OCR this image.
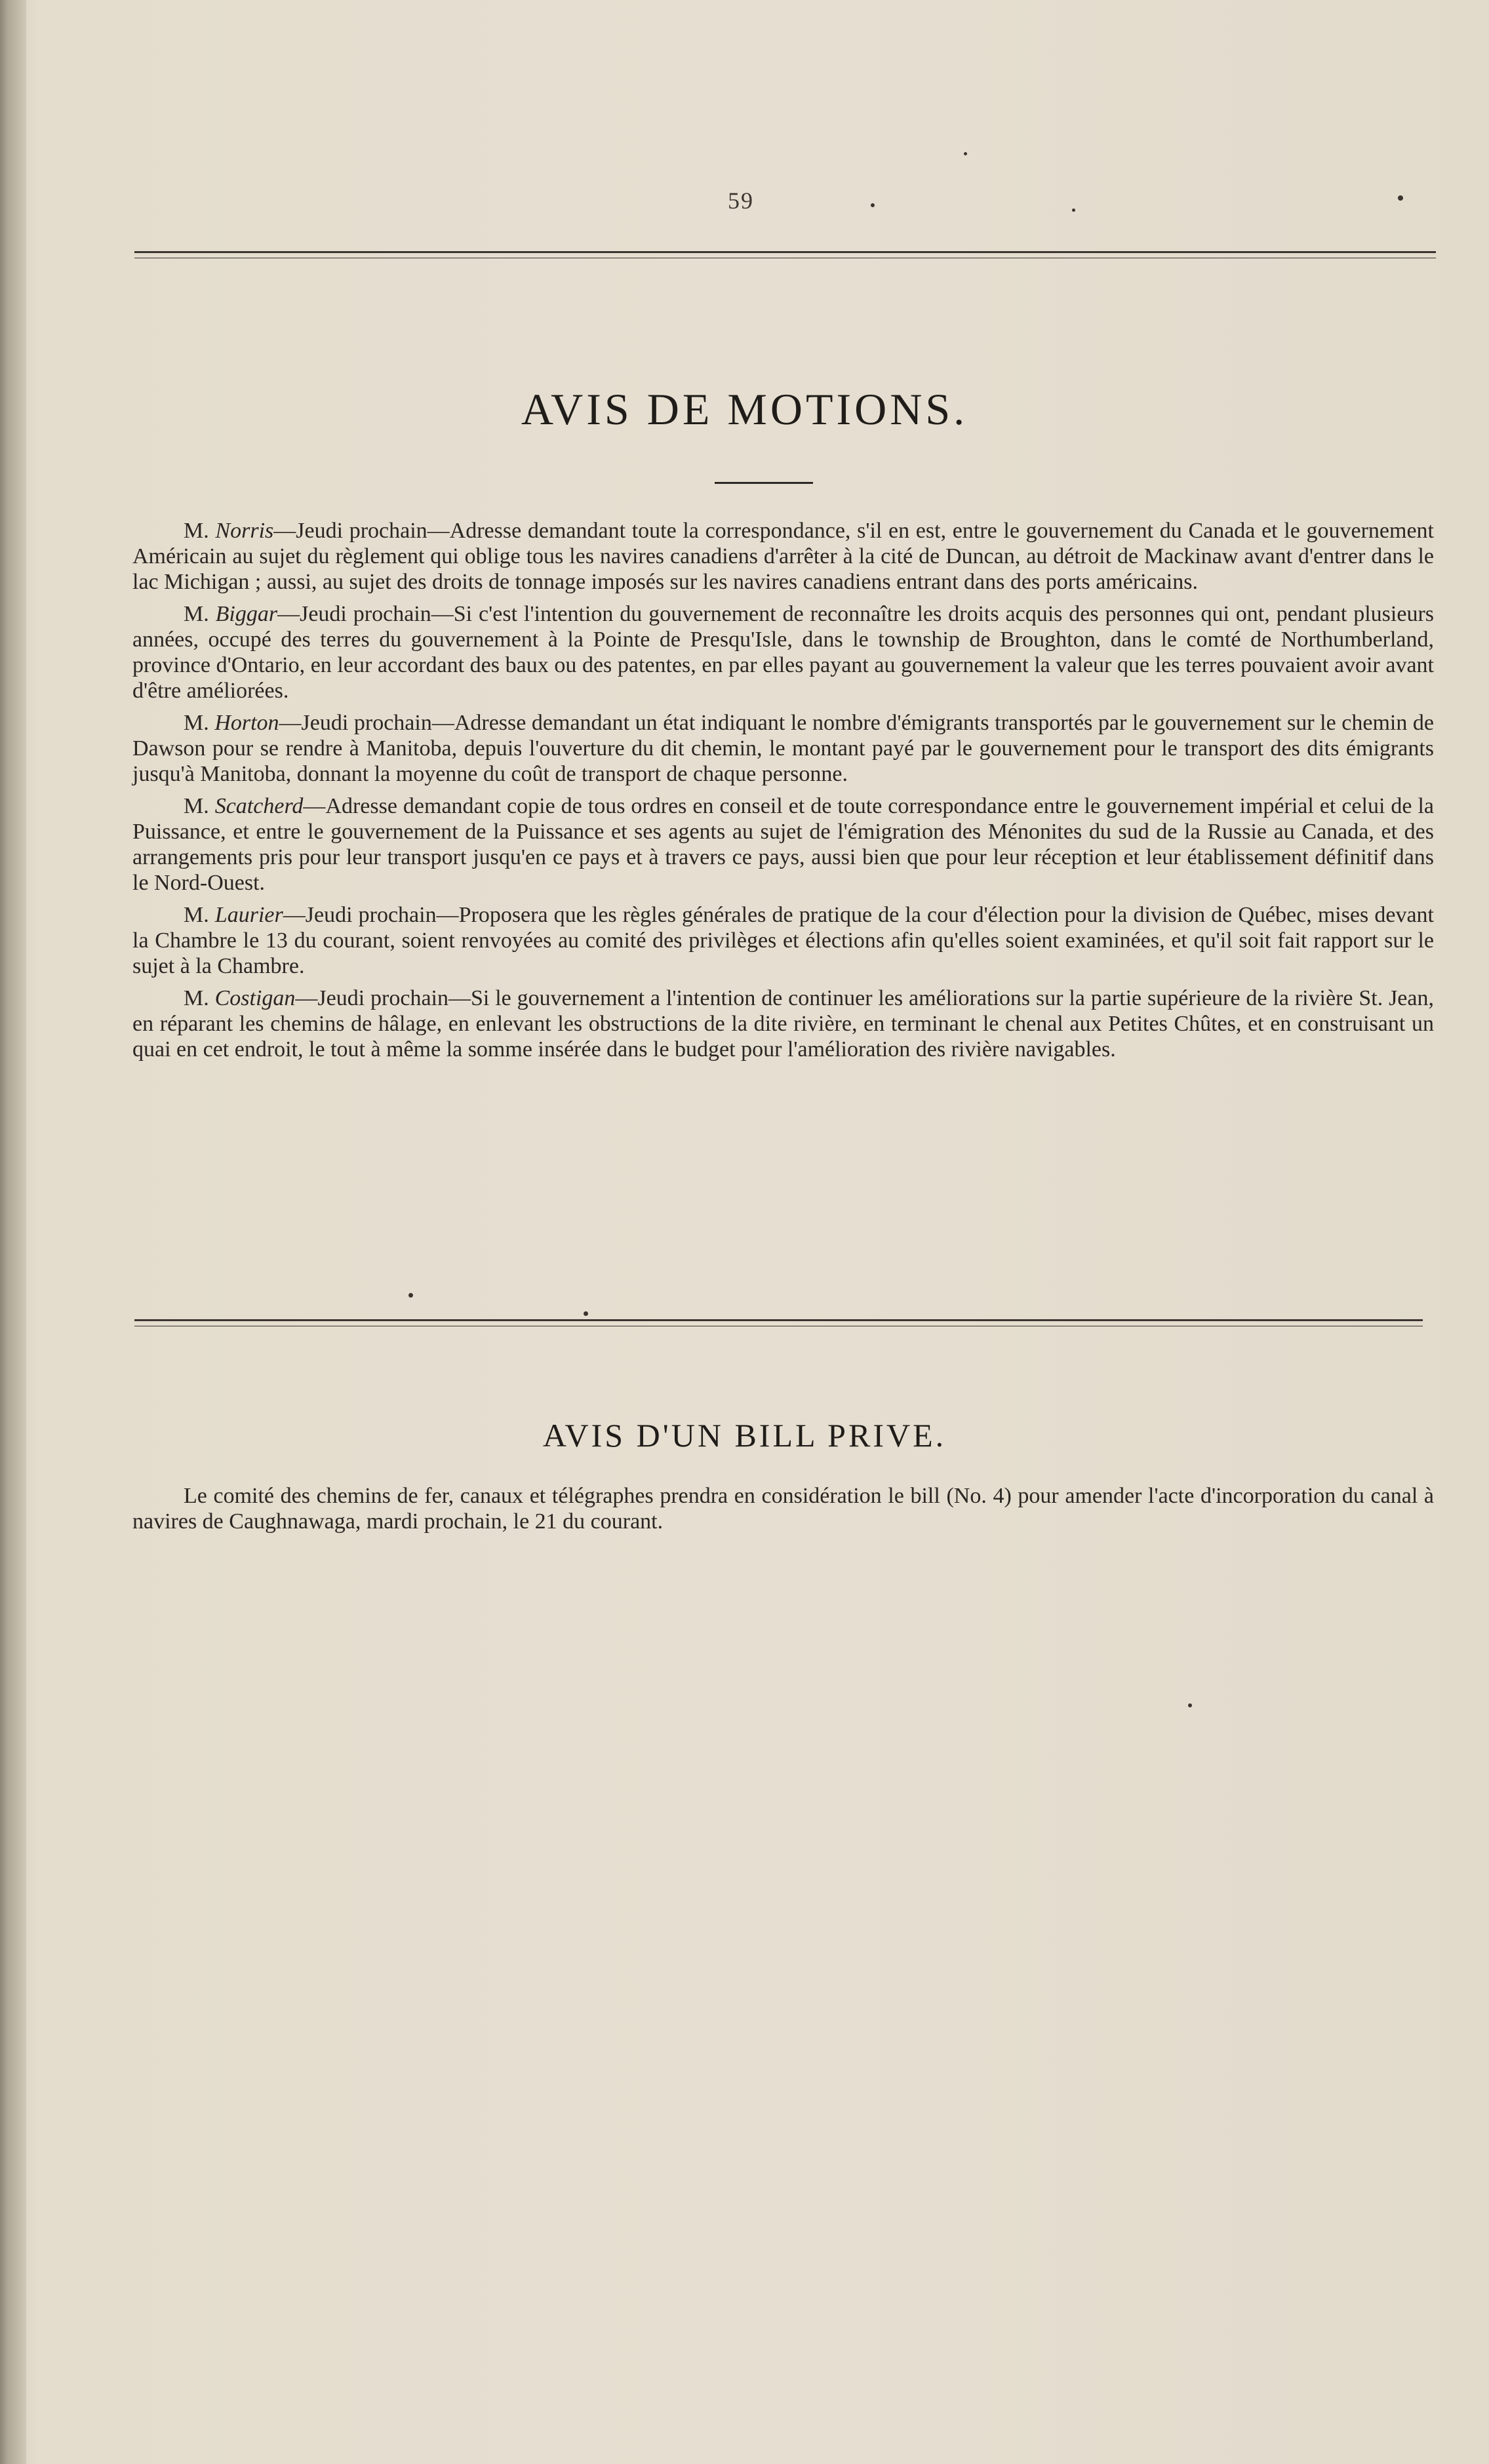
59
AVIS DE MOTIONS.

M. Norris—Jeudi prochain—Adresse demandant toute la correspondance, s'il en est, entre le gouvernement du Canada et le gouvernement Américain au sujet du règlement qui oblige tous les navires canadiens d'arrêter à la cité de Duncan, au détroit de Mackinaw avant d'entrer dans le lac Michigan ; aussi, au sujet des droits de tonnage imposés sur les navires canadiens entrant dans des ports américains.

M. Biggar—Jeudi prochain—Si c'est l'intention du gouvernement de reconnaître les droits acquis des personnes qui ont, pendant plusieurs années, occupé des terres du gouvernement à la Pointe de Presqu'Isle, dans le township de Broughton, dans le comté de Northumberland, province d'Ontario, en leur accordant des baux ou des patentes, en par elles payant au gouvernement la valeur que les terres pouvaient avoir avant d'être améliorées.

M. Horton—Jeudi prochain—Adresse demandant un état indiquant le nombre d'émigrants transportés par le gouvernement sur le chemin de Dawson pour se rendre à Manitoba, depuis l'ouverture du dit chemin, le montant payé par le gouvernement pour le transport des dits émigrants jusqu'à Manitoba, donnant la moyenne du coût de transport de chaque personne.

M. Scatcherd—Adresse demandant copie de tous ordres en conseil et de toute correspondance entre le gouvernement impérial et celui de la Puissance, et entre le gouvernement de la Puissance et ses agents au sujet de l'émigration des Ménonites du sud de la Russie au Canada, et des arrangements pris pour leur transport jusqu'en ce pays et à travers ce pays, aussi bien que pour leur réception et leur établissement définitif dans le Nord-Ouest.

M. Laurier—Jeudi prochain—Proposera que les règles générales de pratique de la cour d'élection pour la division de Québec, mises devant la Chambre le 13 du courant, soient renvoyées au comité des privilèges et élections afin qu'elles soient examinées, et qu'il soit fait rapport sur le sujet à la Chambre.

M. Costigan—Jeudi prochain—Si le gouvernement a l'intention de continuer les améliorations sur la partie supérieure de la rivière St. Jean, en réparant les chemins de hâlage, en enlevant les obstructions de la dite rivière, en terminant le chenal aux Petites Chûtes, et en construisant un quai en cet endroit, le tout à même la somme insérée dans le budget pour l'amélioration des rivière navigables.

AVIS D'UN BILL PRIVE.

Le comité des chemins de fer, canaux et télégraphes prendra en considération le bill (No. 4) pour amender l'acte d'incorporation du canal à navires de Caughnawaga, mardi prochain, le 21 du courant.
